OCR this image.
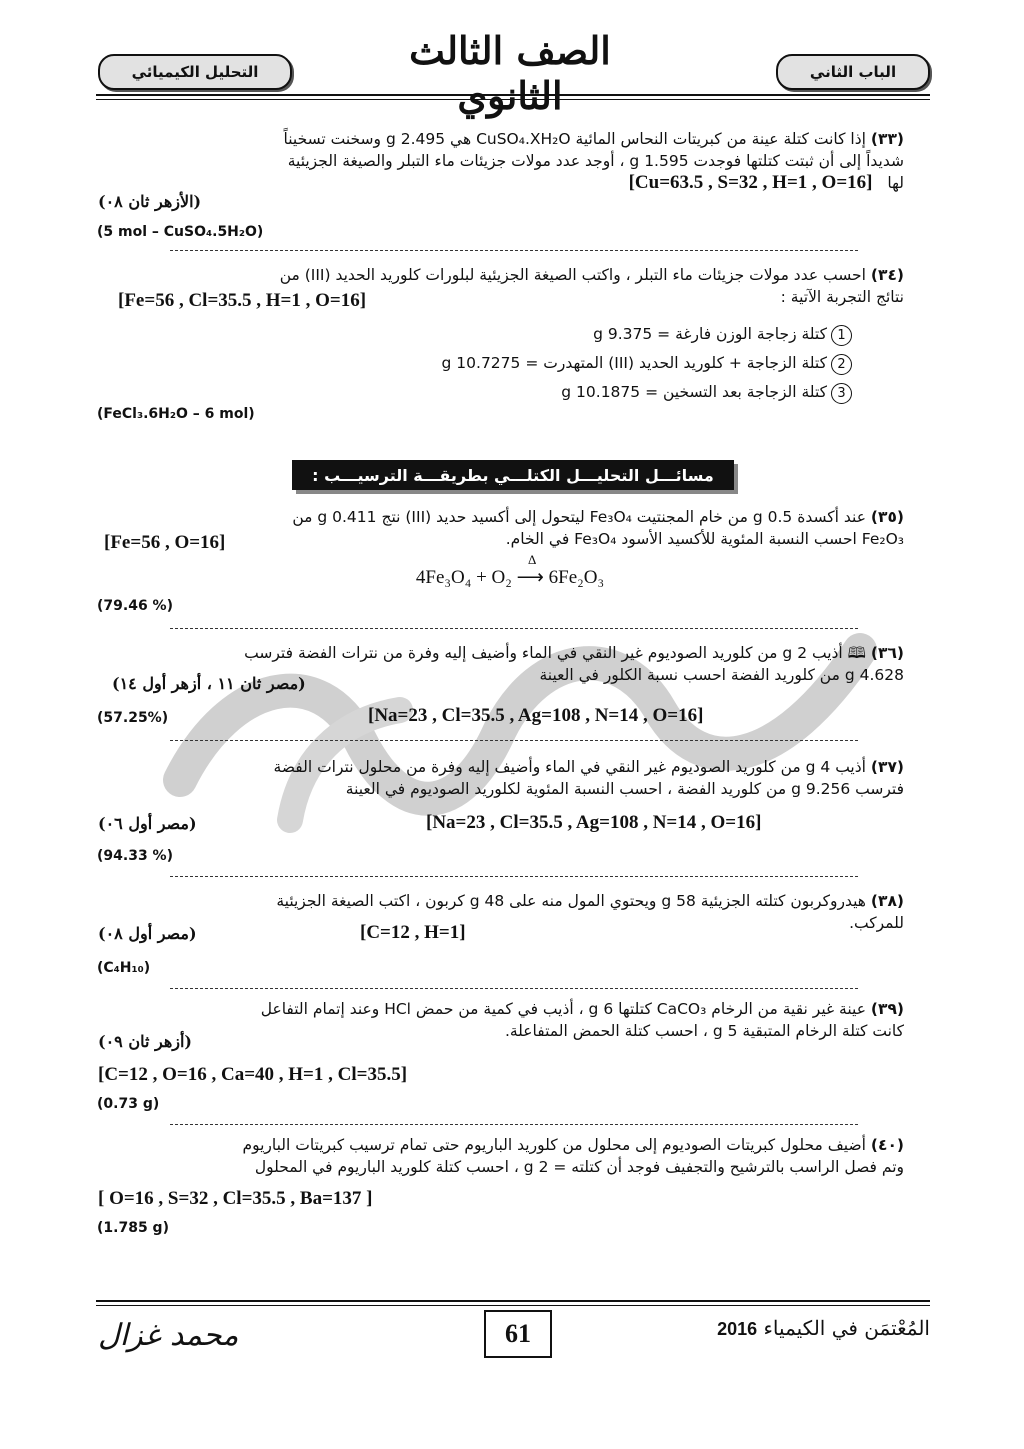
الباب الثاني
التحليل الكيميائي	الصف الثالث الثانوي

(٣٣) إذا كانت كتلة عينة من كبريتات النحاس المائية CuSO₄.XH₂O هي 2.495 g وسخنت تسخيناً

شديداً إلى أن ثبتت كتلتها فوجدت 1.595 g ، أوجد عدد مولات جزيئات ماء التبلر والصيغة الجزيئية

لها [Cu=63.5 , S=32 , H=1 , O=16]

(الأزهر ثان ٠٨)
(5 mol – CuSO₄.5H₂O)

(٣٤) احسب عدد مولات جزيئات ماء التبلر ، واكتب الصيغة الجزيئية لبلورات كلوريد الحديد (III) من

نتائج التجربة الآتية :

[Fe=56 , Cl=35.5 , H=1 , O=16]
1كتلة زجاجة الوزن فارغة = 9.375 g
2كتلة الزجاجة + كلوريد الحديد (III) المتهدرت = 10.7275 g
3كتلة الزجاجة بعد التسخين = 10.1875 g
(FeCl₃.6H₂O – 6 mol)
مسائـــل التحليـــل الكتلـــي بطريقـــة الترسيـــب :

(٣٥) عند أكسدة 0.5 g من خام المجنتيت Fe₃O₄ ليتحول إلى أكسيد حديد (III) نتج 0.411 g من

Fe₂O₃ احسب النسبة المئوية للأكسيد الأسود Fe₃O₄ في الخام.

[Fe=56 , O=16]
4Fe₃O₄ + O₂ ⟶ 6Fe₂O₃
Δ
(79.46 %)

(٣٦) 🕮 أذيب 2 g من كلوريد الصوديوم غير النقي في الماء وأضيف إليه وفرة من نترات الفضة فترسب

4.628 g من كلوريد الفضة احسب نسبة الكلور في العينة

(مصر ثان ١١ ، أزهر أول ١٤)
(57.25%)	[Na=23 , Cl=35.5 , Ag=108 , N=14 , O=16]

(٣٧) أذيب 4 g من كلوريد الصوديوم غير النقي في الماء وأضيف إليه وفرة من محلول نترات الفضة

فترسب 9.256 g من كلوريد الفضة ، احسب النسبة المئوية لكلوريد الصوديوم في العينة

(مصر أول ٠٦)	[Na=23 , Cl=35.5 , Ag=108 , N=14 , O=16]
(94.33 %)

(٣٨) هيدروكربون كتلته الجزيئية 58 g ويحتوي المول منه على 48 g كربون ، اكتب الصيغة الجزيئية

للمركب.

(مصر أول ٠٨)	[C=12 , H=1]
(C₄H₁₀)

(٣٩) عينة غير نقية من الرخام CaCO₃ كتلتها 6 g ، أذيب في كمية من حمض HCl وعند إتمام التفاعل

كانت كتلة الرخام المتبقية 5 g ، احسب كتلة الحمض المتفاعلة.

(أزهر ثان ٠٩)
[C=12 , O=16 , Ca=40 , H=1 , Cl=35.5]
(0.73 g)

(٤٠) أضيف محلول كبريتات الصوديوم إلى محلول من كلوريد الباريوم حتى تمام ترسيب كبريتات الباريوم

وتم فصل الراسب بالترشيح والتجفيف فوجد أن كتلته = 2 g ، احسب كتلة كلوريد الباريوم في المحلول

[ O=16 , S=32 , Cl=35.5 , Ba=137 ]
(1.785 g)
61
محمد غزال	المُعْتمَن في الكيمياء 2016
